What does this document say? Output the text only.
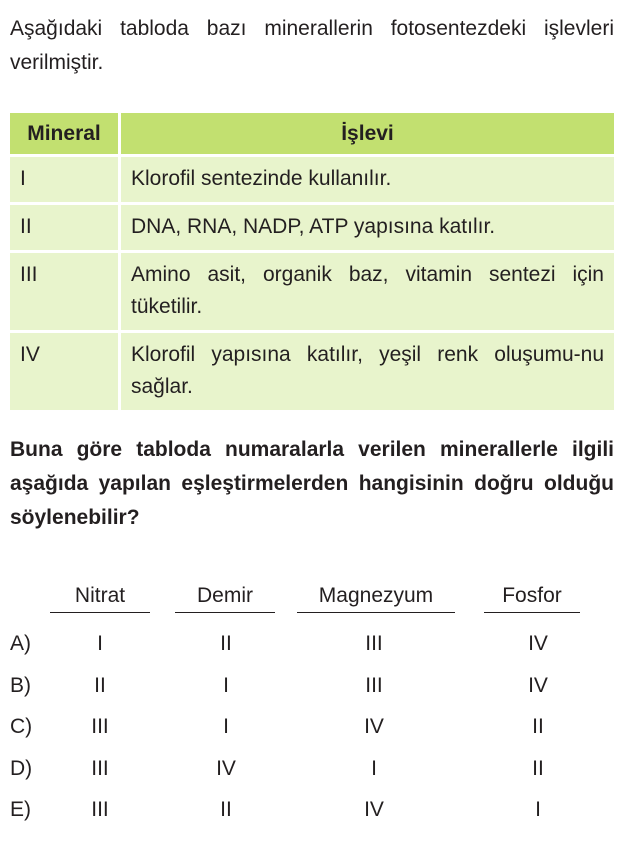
Aşağıdaki tabloda bazı minerallerin fotosentezdeki işlevleri verilmiştir.

Mineral	İşlevi
I	Klorofil sentezinde kullanılır.
II	DNA, RNA, NADP, ATP yapısına katılır.
III	Amino asit, organik baz, vitamin sentezi için tüketilir.
IV	Klorofil yapısına katılır, yeşil renk oluşumu-nu sağlar.

Buna göre tabloda numaralarla verilen minerallerle ilgili aşağıda yapılan eşleştirmelerden hangisinin doğru olduğu söylenebilir?

Nitrat	Demir	Magnezyum	Fosfor
A)	I	II	III	IV
B)	II	I	III	IV
C)	III	I	IV	II
D)	III	IV	I	II
E)	III	II	IV	I
